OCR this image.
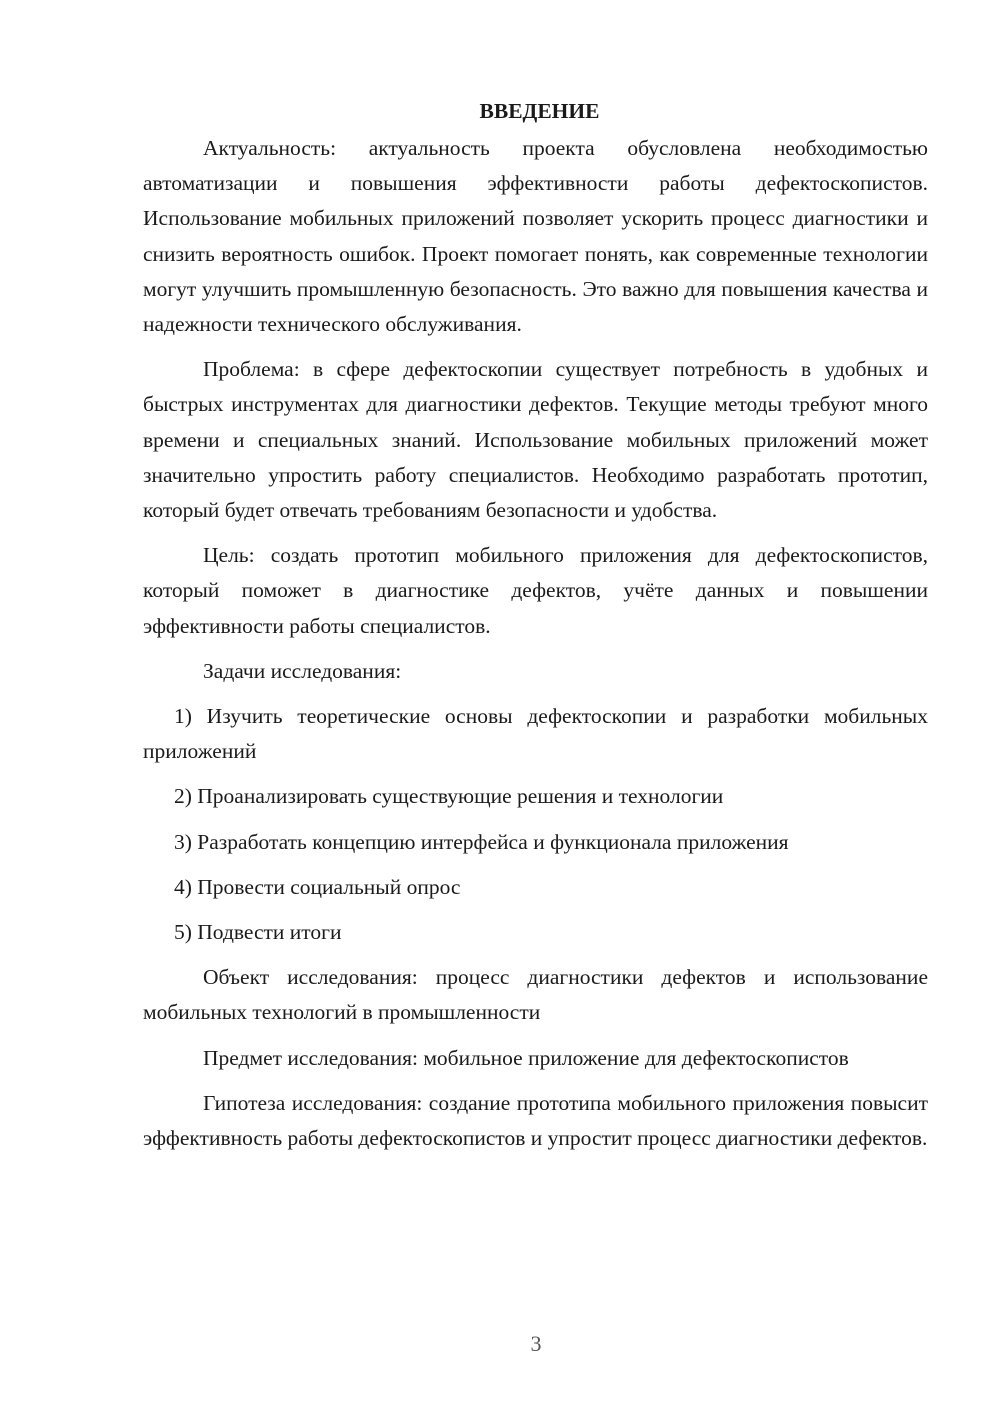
ВВЕДЕНИЕ

Актуальность: актуальность проекта обусловлена необходимостью автоматизации и повышения эффективности работы дефектоскопистов. Использование мобильных приложений позволяет ускорить процесс диагностики и снизить вероятность ошибок. Проект помогает понять, как современные технологии могут улучшить промышленную безопасность. Это важно для повышения качества и надежности технического обслуживания.

Проблема: в сфере дефектоскопии существует потребность в удобных и быстрых инструментах для диагностики дефектов. Текущие методы требуют много времени и специальных знаний. Использование мобильных приложений может значительно упростить работу специалистов. Необходимо разработать прототип, который будет отвечать требованиям безопасности и удобства.

Цель: создать прототип мобильного приложения для дефектоскопистов, который поможет в диагностике дефектов, учёте данных и повышении эффективности работы специалистов.

Задачи исследования:

1) Изучить теоретические основы дефектоскопии и разработки мобильных приложений

2) Проанализировать существующие решения и технологии

3) Разработать концепцию интерфейса и функционала приложения

4) Провести социальный опрос

5) Подвести итоги

Объект исследования: процесс диагностики дефектов и использование мобильных технологий в промышленности

Предмет исследования: мобильное приложение для дефектоскопистов

Гипотеза исследования: создание прототипа мобильного приложения повысит эффективность работы дефектоскопистов и упростит процесс диагностики дефектов.

3
